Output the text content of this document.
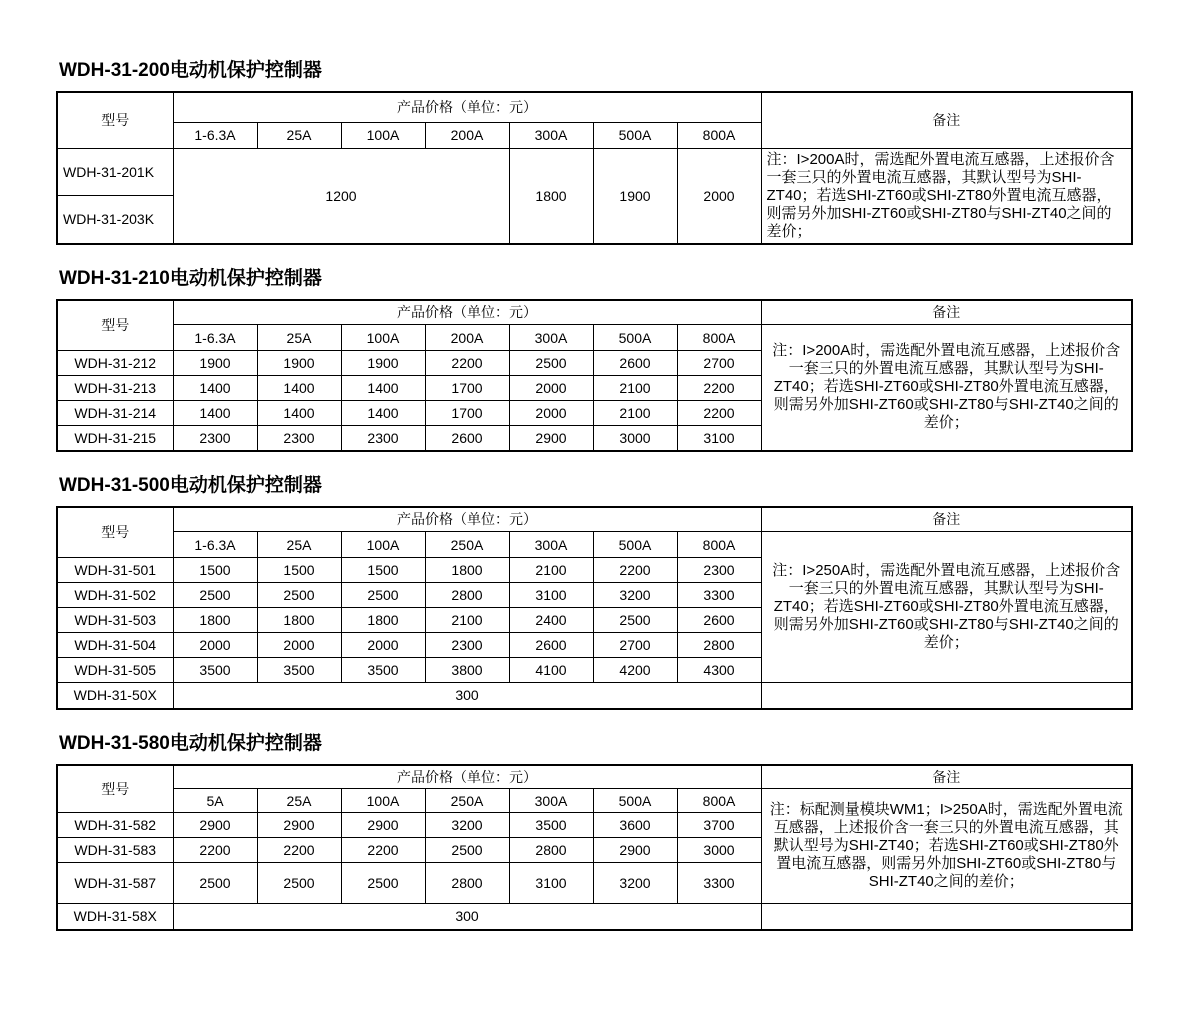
WDH-31-200电动机保护控制器
型号	产品价格（单位：元）							备注
	1-6.3A	25A	100A	200A	300A	500A	800A	
WDH-31-201K	1200				1800	1900	2000	注：I>200A时，需选配外置电流互感器，上述报价含一套三只的外置电流互感器，其默认型号为SHI-ZT40；若选SHI-ZT60或SHI-ZT80外置电流互感器，则需另外加SHI-ZT60或SHI-ZT80与SHI-ZT40之间的差价；
WDH-31-203K								
WDH-31-210电动机保护控制器
型号	产品价格（单位：元）							备注
	1-6.3A	25A	100A	200A	300A	500A	800A	注：I>200A时，需选配外置电流互感器，上述报价含一套三只的外置电流互感器，其默认型号为SHI-ZT40；若选SHI-ZT60或SHI-ZT80外置电流互感器，则需另外加SHI-ZT60或SHI-ZT80与SHI-ZT40之间的差价；
WDH-31-212	1900	1900	1900	2200	2500	2600	2700	
WDH-31-213	1400	1400	1400	1700	2000	2100	2200	
WDH-31-214	1400	1400	1400	1700	2000	2100	2200	
WDH-31-215	2300	2300	2300	2600	2900	3000	3100	
WDH-31-500电动机保护控制器
型号	产品价格（单位：元）							备注
	1-6.3A	25A	100A	250A	300A	500A	800A	注：I>250A时，需选配外置电流互感器，上述报价含一套三只的外置电流互感器，其默认型号为SHI-ZT40；若选SHI-ZT60或SHI-ZT80外置电流互感器，则需另外加SHI-ZT60或SHI-ZT80与SHI-ZT40之间的差价；
WDH-31-501	1500	1500	1500	1800	2100	2200	2300	
WDH-31-502	2500	2500	2500	2800	3100	3200	3300	
WDH-31-503	1800	1800	1800	2100	2400	2500	2600	
WDH-31-504	2000	2000	2000	2300	2600	2700	2800	
WDH-31-505	3500	3500	3500	3800	4100	4200	4300	
WDH-31-50X	300							
WDH-31-580电动机保护控制器
型号	产品价格（单位：元）							备注
	5A	25A	100A	250A	300A	500A	800A	注：标配测量模块WM1；I>250A时，需选配外置电流互感器，上述报价含一套三只的外置电流互感器，其默认型号为SHI-ZT40；若选SHI-ZT60或SHI-ZT80外置电流互感器，则需另外加SHI-ZT60或SHI-ZT80与SHI-ZT40之间的差价；
WDH-31-582	2900	2900	2900	3200	3500	3600	3700	
WDH-31-583	2200	2200	2200	2500	2800	2900	3000	
WDH-31-587	2500	2500	2500	2800	3100	3200	3300	
WDH-31-58X	300							
